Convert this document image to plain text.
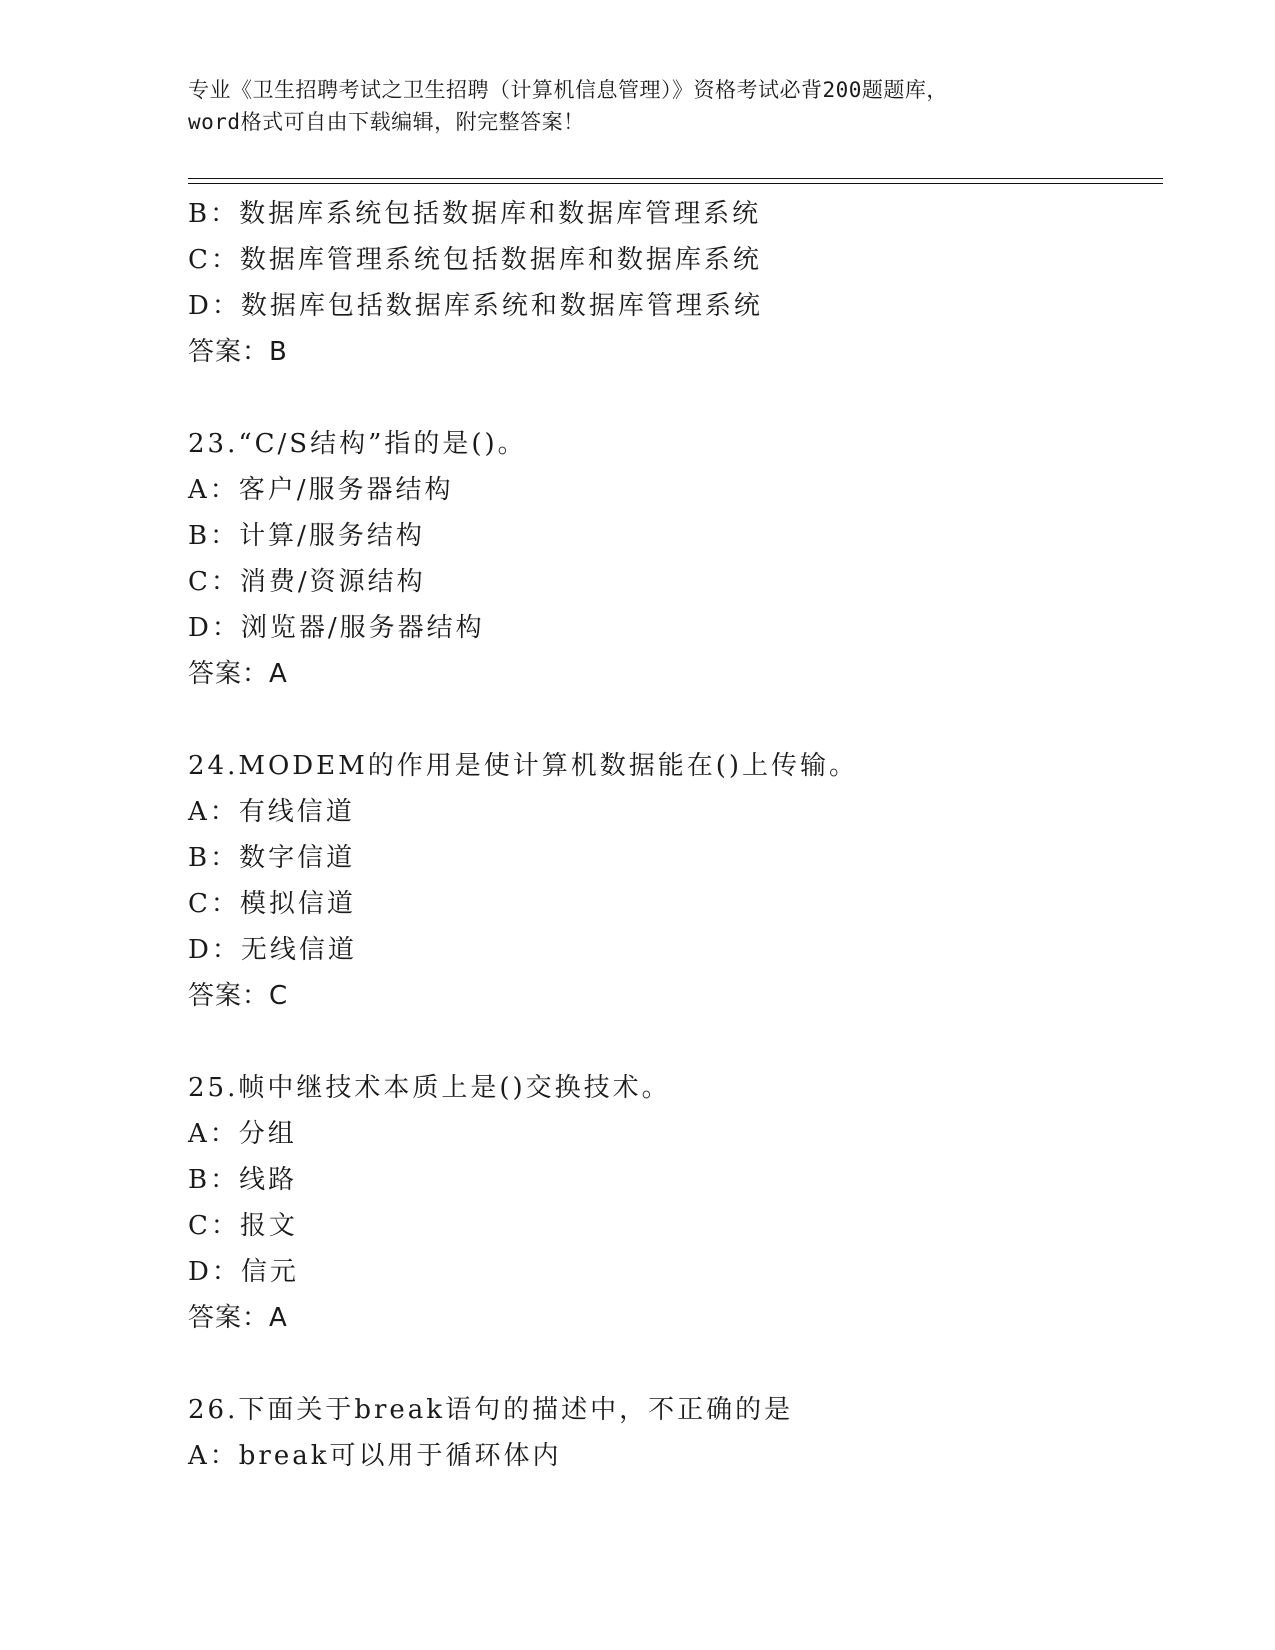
专业《卫生招聘考试之卫生招聘（计算机信息管理）》资格考试必背200题题库，
word格式可自由下载编辑，附完整答案！
B：数据库系统包括数据库和数据库管理系统
C：数据库管理系统包括数据库和数据库系统
D：数据库包括数据库系统和数据库管理系统
答案：B
23.“C/S结构”指的是()。
A：客户/服务器结构
B：计算/服务结构
C：消费/资源结构
D：浏览器/服务器结构
答案：A
24.MODEM的作用是使计算机数据能在()上传输。
A：有线信道
B：数字信道
C：模拟信道
D：无线信道
答案：C
25.帧中继技术本质上是()交换技术。
A：分组
B：线路
C：报文
D：信元
答案：A
26.下面关于break语句的描述中，不正确的是
A：break可以用于循环体内
